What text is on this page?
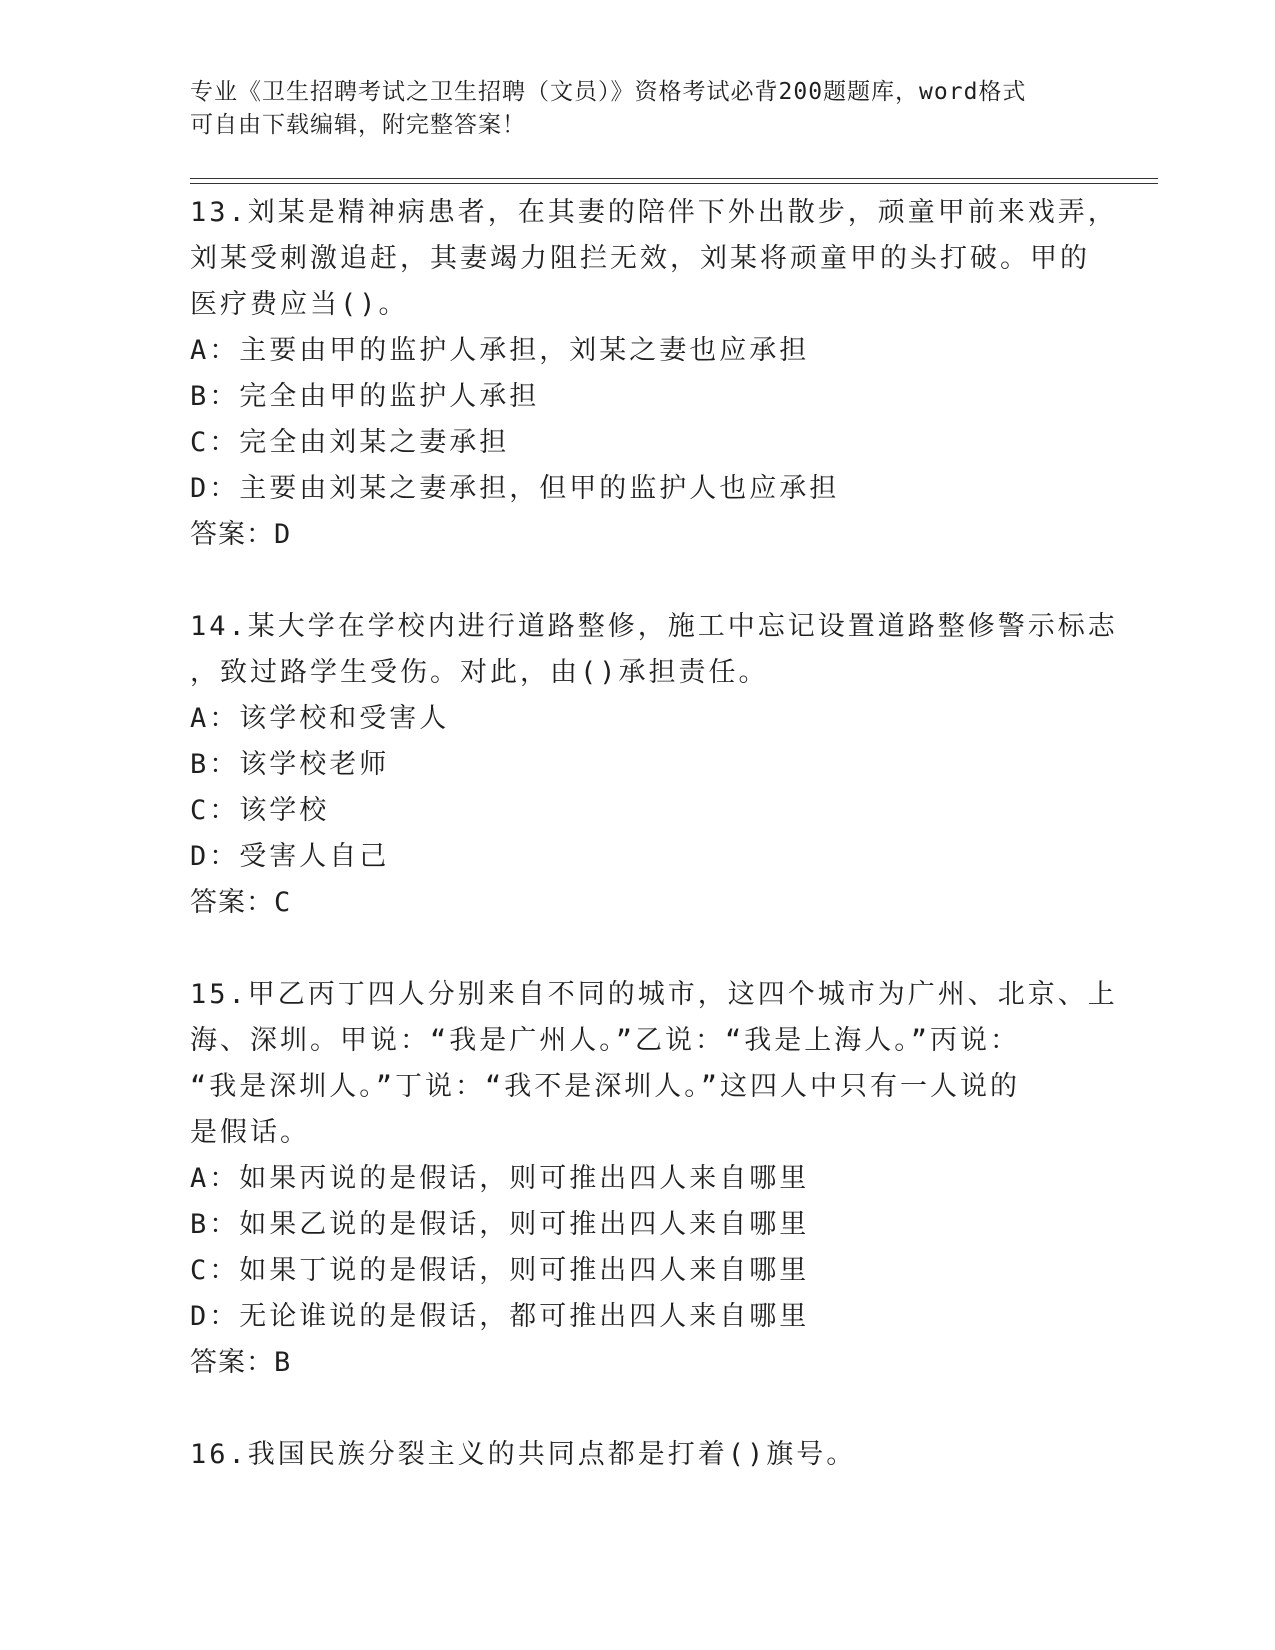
专业《卫生招聘考试之卫生招聘（文员）》资格考试必背200题题库，word格式
可自由下载编辑，附完整答案！
13.刘某是精神病患者，在其妻的陪伴下外出散步，顽童甲前来戏弄，
刘某受刺激追赶，其妻竭力阻拦无效，刘某将顽童甲的头打破。甲的
医疗费应当()。
A：主要由甲的监护人承担，刘某之妻也应承担
B：完全由甲的监护人承担
C：完全由刘某之妻承担
D：主要由刘某之妻承担，但甲的监护人也应承担
答案：D
14.某大学在学校内进行道路整修，施工中忘记设置道路整修警示标志
，致过路学生受伤。对此，由()承担责任。
A：该学校和受害人
B：该学校老师
C：该学校
D：受害人自己
答案：C
15.甲乙丙丁四人分别来自不同的城市，这四个城市为广州、北京、上
海、深圳。甲说：“我是广州人。”乙说：“我是上海人。”丙说：
“我是深圳人。”丁说：“我不是深圳人。”这四人中只有一人说的
是假话。
A：如果丙说的是假话，则可推出四人来自哪里
B：如果乙说的是假话，则可推出四人来自哪里
C：如果丁说的是假话，则可推出四人来自哪里
D：无论谁说的是假话，都可推出四人来自哪里
答案：B
16.我国民族分裂主义的共同点都是打着()旗号。
